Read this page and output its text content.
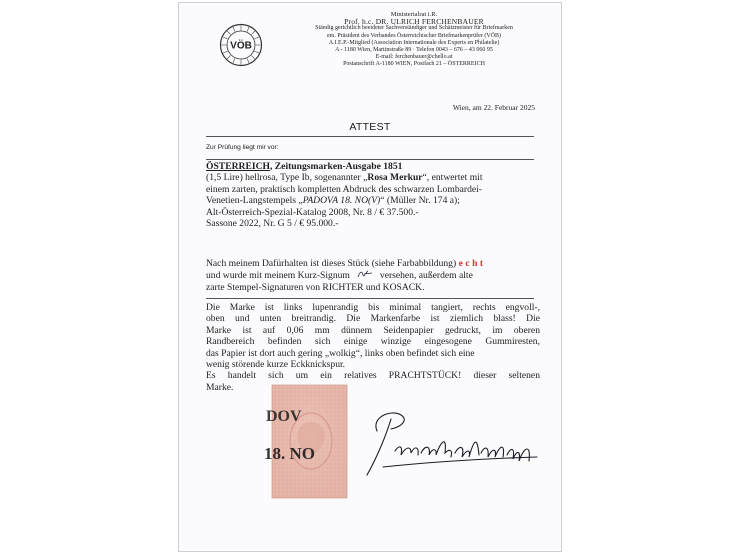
VÖB
Ministerialrat i.R.
Prof. h.c. DR. ULRICH FERCHENBAUER
Ständig gerichtlich beeideter Sachverständiger und Schätzmeister für Briefmarken
em. Präsident des Verbandes Österreichischer Briefmarkenprüfer (VÖB)
A.I.E.P.-Mitglied (Association Internationale des Experts en Philatelie)
A - 1180 Wien, Martinstraße 89 · Telefon 0043 – 676 – 43 060 95
E-mail: ferchenbauer@chello.at
Postanschrift A-1180 WIEN, Postfach 21 – ÖSTERREICH
Wien, am 22. Februar 2025
ATTEST
Zur Prüfung liegt mir vor:
ÖSTERREICH, Zeitungsmarken-Ausgabe 1851
(1,5 Lire) hellrosa, Type Ib, sogenannter „Rosa Merkur“, entwertet mit
einem zarten, praktisch kompletten Abdruck des schwarzen Lombardei-
Venetien-Langstempels „PADOVA 18. NO(V)“ (Müller Nr. 174 a);
Alt-Österreich-Spezial-Katalog 2008, Nr. 8 / € 37.500.-
Sassone 2022, Nr. G 5 / € 95.000.-
Nach meinem Dafürhalten ist dieses Stück (siehe Farbabbildung) echt
und wurde mit meinem Kurz-Signum	versehen, außerdem alte
zarte Stempel-Signaturen von RICHTER und KOSACK.
Die Marke ist links lupenrandig bis minimal tangiert, rechts engvoll-,
oben und unten breitrandig. Die Markenfarbe ist ziemlich blass! Die
Marke ist auf 0,06 mm dünnem Seidenpapier gedruckt, im oberen
Randbereich befinden sich einige winzige eingesogene Gummiresten,
das Papier ist dort auch gering „wolkig“, links oben befindet sich eine
wenig störende kurze Eckknickspur.
Es handelt sich um ein relatives PRACHTSTÜCK! dieser seltenen
Marke.
DOV
18. NO
